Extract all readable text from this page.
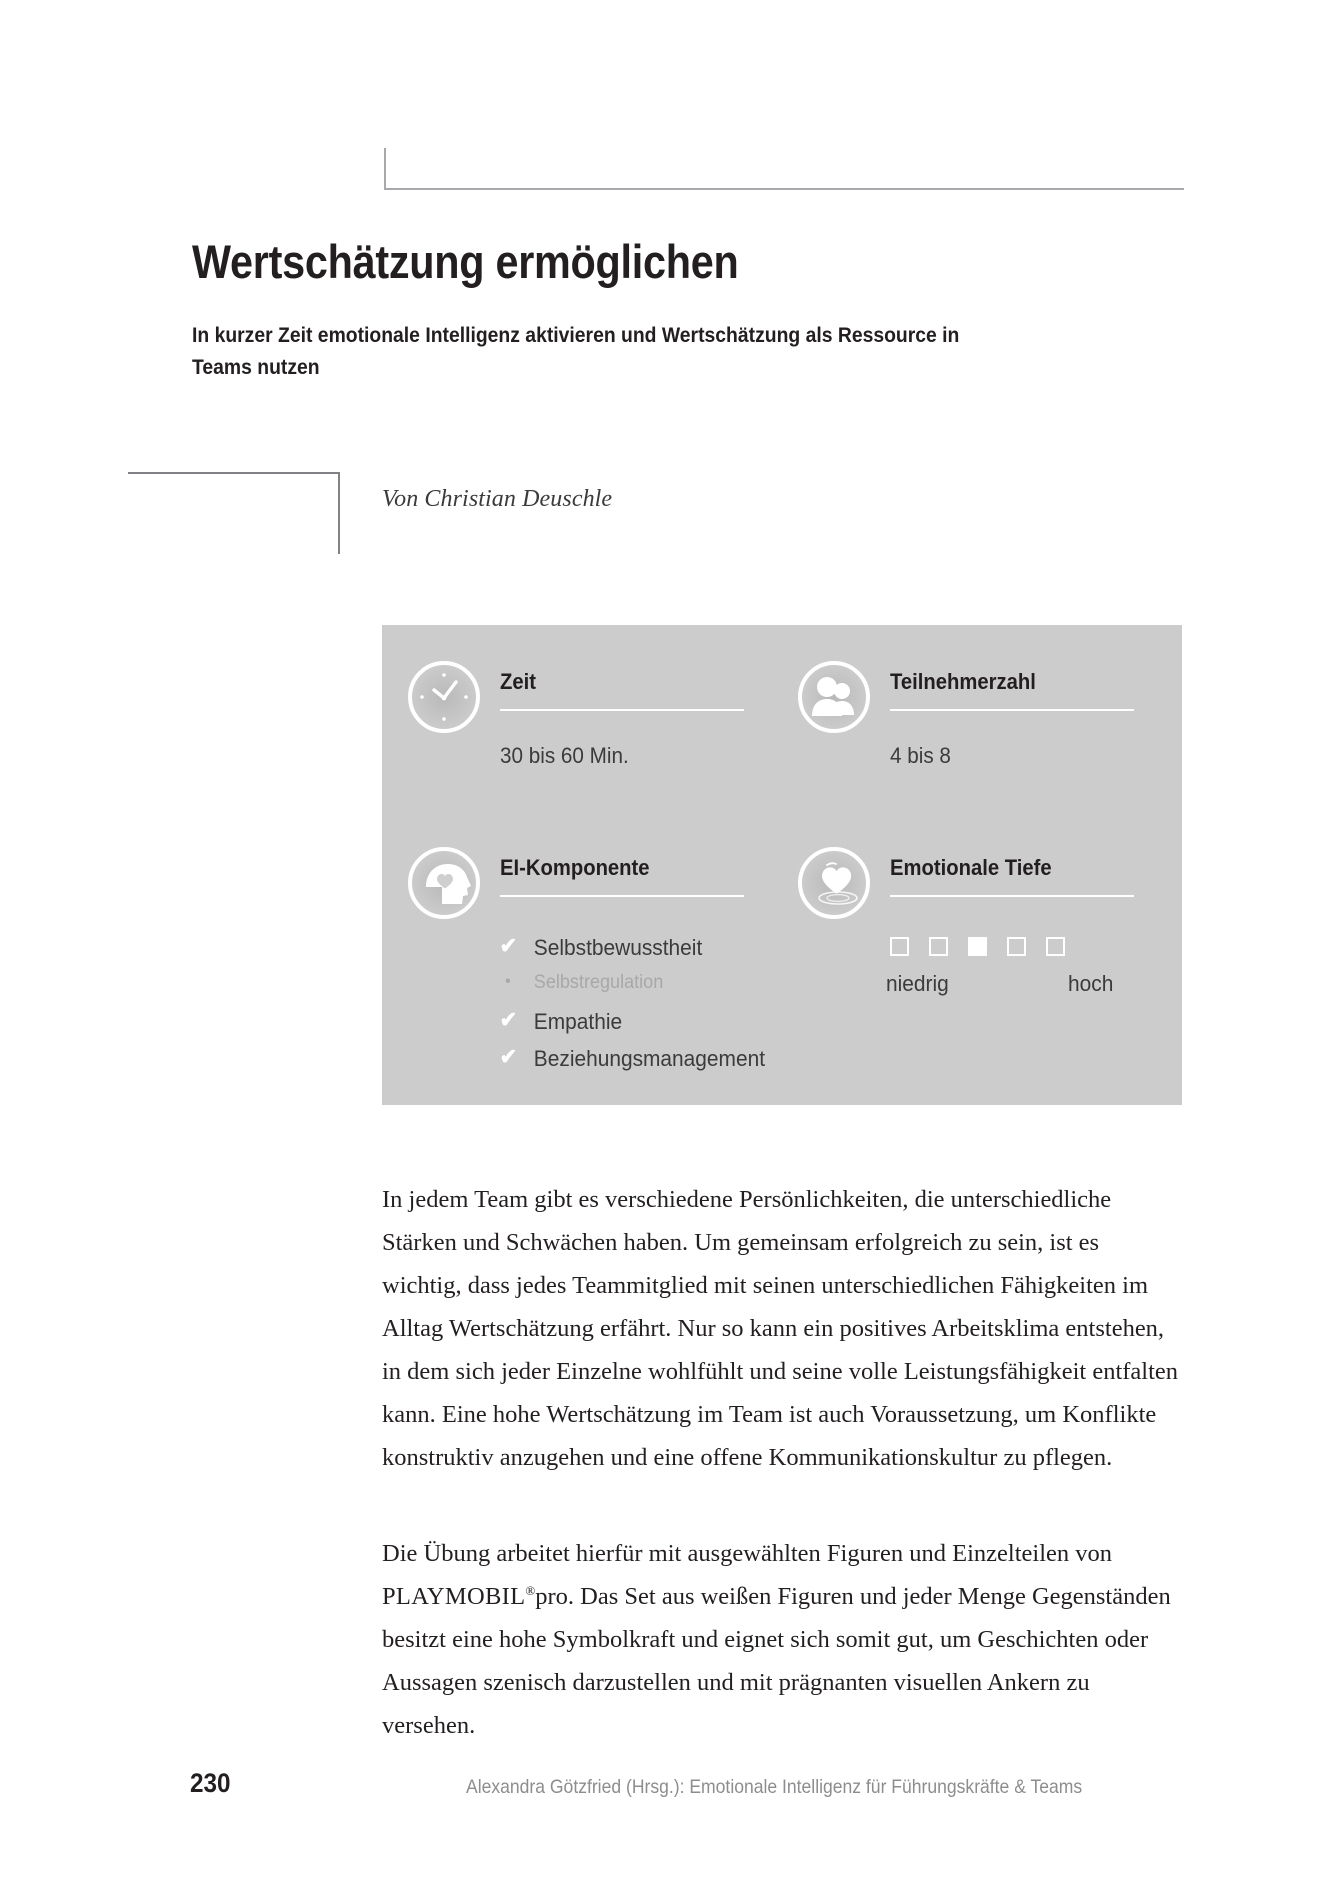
Wertschätzung ermöglichen

In kurzer Zeit emotionale Intelligenz aktivieren und Wertschätzung als Ressource in Teams nutzen

Von Christian Deuschle
Zeit
30 bis 60 Min.
Teilnehmerzahl
4 bis 8
EI-Komponente
✔ Selbstbewusstheit
• Selbstregulation
✔ Empathie
✔ Beziehungsmanagement
Emotionale Tiefe
niedrig	hoch

In jedem Team gibt es verschiedene Persönlichkeiten, die unterschiedliche Stärken und Schwächen haben. Um gemeinsam erfolgreich zu sein, ist es wichtig, dass jedes Teammitglied mit seinen unterschiedlichen Fähigkeiten im Alltag Wertschätzung erfährt. Nur so kann ein positives Arbeitsklima entstehen, in dem sich jeder Einzelne wohlfühlt und seine volle Leistungsfähigkeit entfalten kann. Eine hohe Wertschätzung im Team ist auch Voraussetzung, um Konflikte konstruktiv anzugehen und eine offene Kommunikationskultur zu pflegen.

Die Übung arbeitet hierfür mit ausgewählten Figuren und Einzelteilen von PLAYMOBIL®pro. Das Set aus weißen Figuren und jeder Menge Gegenständen besitzt eine hohe Symbolkraft und eignet sich somit gut, um Geschichten oder Aussagen szenisch darzustellen und mit prägnanten visuellen Ankern zu versehen.

230	Alexandra Götzfried (Hrsg.): Emotionale Intelligenz für Führungskräfte & Teams
